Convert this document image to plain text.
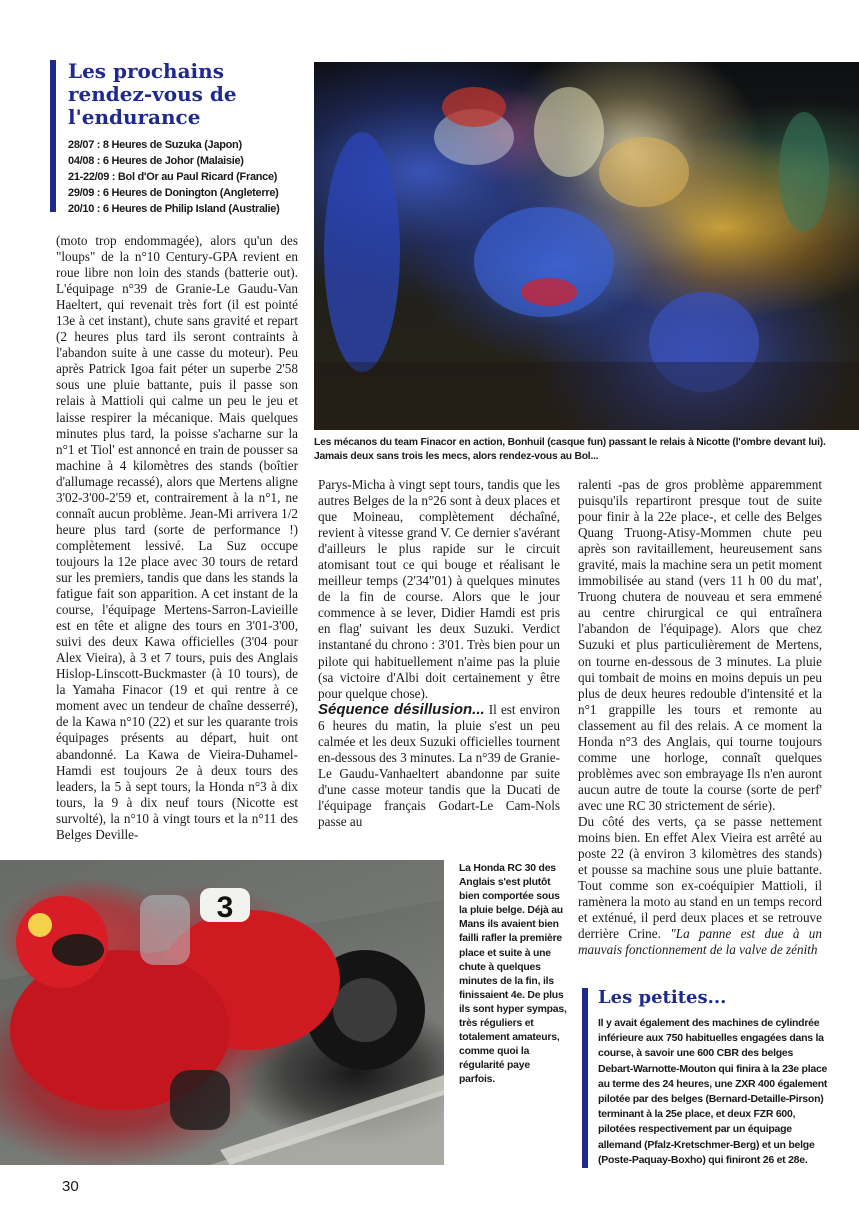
Les prochains rendez-vous de l'endurance
28/07 : 8 Heures de Suzuka (Japon)
04/08 : 6 Heures de Johor (Malaisie)
21-22/09 : Bol d'Or au Paul Ricard (France)
29/09 : 6 Heures de Donington (Angleterre)
20/10 : 6 Heures de Philip Island (Australie)
Les mécanos du team Finacor en action, Bonhuil (casque fun) passant le relais à Nicotte (l'ombre devant lui). Jamais deux sans trois les mecs, alors rendez-vous au Bol...

(moto trop endommagée), alors qu'un des "loups" de la n°10 Century-GPA revient en roue libre non loin des stands (batterie out). L'équipage n°39 de Granie-Le Gaudu-Van Haeltert, qui revenait très fort (il est pointé 13e à cet instant), chute sans gravité et repart (2 heures plus tard ils seront contraints à l'abandon suite à une casse du moteur). Peu après Patrick Igoa fait péter un superbe 2'58 sous une pluie battante, puis il passe son relais à Mattioli qui calme un peu le jeu et laisse respirer la mécanique. Mais quelques minutes plus tard, la poisse s'acharne sur la n°1 et Tiol' est annoncé en train de pousser sa machine à 4 kilomètres des stands (boîtier d'allumage recassé), alors que Mertens aligne 3'02-3'00-2'59 et, contrairement à la n°1, ne connaît aucun problème. Jean-Mi arrivera 1/2 heure plus tard (sorte de performance !) complètement lessivé. La Suz occupe toujours la 12e place avec 30 tours de retard sur les premiers, tandis que dans les stands la fatigue fait son apparition. A cet instant de la course, l'équipage Mertens-Sarron-Lavieille est en tête et aligne des tours en 3'01-3'00, suivi des deux Kawa officielles (3'04 pour Alex Vieira), à 3 et 7 tours, puis des Anglais Hislop-Linscott-Buckmaster (à 10 tours), de la Yamaha Finacor (19 et qui rentre à ce moment avec un tendeur de chaîne desserré), de la Kawa n°10 (22) et sur les quarante trois équipages présents au départ, huit ont abandonné. La Kawa de Vieira-Duhamel-Hamdi est toujours 2e à deux tours des leaders, la 5 à sept tours, la Honda n°3 à dix tours, la 9 à dix neuf tours (Nicotte est survolté), la n°10 à vingt tours et la n°11 des Belges Deville-

Parys-Micha à vingt sept tours, tandis que les autres Belges de la n°26 sont à deux places et que Moineau, complètement déchaîné, revient à vitesse grand V. Ce dernier s'avérant d'ailleurs le plus rapide sur le circuit atomisant tout ce qui bouge et réalisant le meilleur temps (2'34"01) à quelques minutes de la fin de course. Alors que le jour commence à se lever, Didier Hamdi est pris en flag' suivant les deux Suzuki. Verdict instantané du chrono : 3'01. Très bien pour un pilote qui habituellement n'aime pas la pluie (sa victoire d'Albi doit certainement y être pour quelque chose).

Séquence désillusion... Il est environ 6 heures du matin, la pluie s'est un peu calmée et les deux Suzuki officielles tournent en-dessous des 3 minutes. La n°39 de Granie-Le Gaudu-Vanhaeltert abandonne par suite d'une casse moteur tandis que la Ducati de l'équipage français Godart-Le Cam-Nols passe au

ralenti -pas de gros problème apparemment puisqu'ils repartiront presque tout de suite pour finir à la 22e place-, et celle des Belges Quang Truong-Atisy-Mommen chute peu après son ravitaillement, heureusement sans gravité, mais la machine sera un petit moment immobilisée au stand (vers 11 h 00 du mat', Truong chutera de nouveau et sera emmené au centre chirurgical ce qui entraînera l'abandon de l'équipage). Alors que chez Suzuki et plus particulièrement de Mertens, on tourne en-dessous de 3 minutes. La pluie qui tombait de moins en moins depuis un peu plus de deux heures redouble d'intensité et la n°1 grappille les tours et remonte au classement au fil des relais. A ce moment la Honda n°3 des Anglais, qui tourne toujours comme une horloge, connaît quelques problèmes avec son embrayage Ils n'en auront aucun autre de toute la course (sorte de perf' avec une RC 30 strictement de série).

Du côté des verts, ça se passe nettement moins bien. En effet Alex Vieira est arrêté au poste 22 (à environ 3 kilomètres des stands) et pousse sa machine sous une pluie battante. Tout comme son ex-coéquipier Mattioli, il ramènera la moto au stand en un temps record et exténué, il perd deux places et se retrouve derrière Crine. "La panne est due à un mauvais fonctionnement de la valve de zénith

3
La Honda RC 30 des Anglais s'est plutôt bien comportée sous la pluie belge. Déjà au Mans ils avaient bien failli rafler la première place et suite à une chute à quelques minutes de la fin, ils finissaient 4e. De plus ils sont hyper sympas, très réguliers et totalement amateurs, comme quoi la régularité paye parfois.
Les petites...

Il y avait également des machines de cylindrée inférieure aux 750 habituelles engagées dans la course, à savoir une 600 CBR des belges Debart-Warnotte-Mouton qui finira à la 23e place au terme des 24 heures, une ZXR 400 également pilotée par des belges (Bernard-Detaille-Pirson) terminant à la 25e place, et deux FZR 600, pilotées respectivement par un équipage allemand (Pfalz-Kretschmer-Berg) et un belge (Poste-Paquay-Boxho) qui finiront 26 et 28e.

30
